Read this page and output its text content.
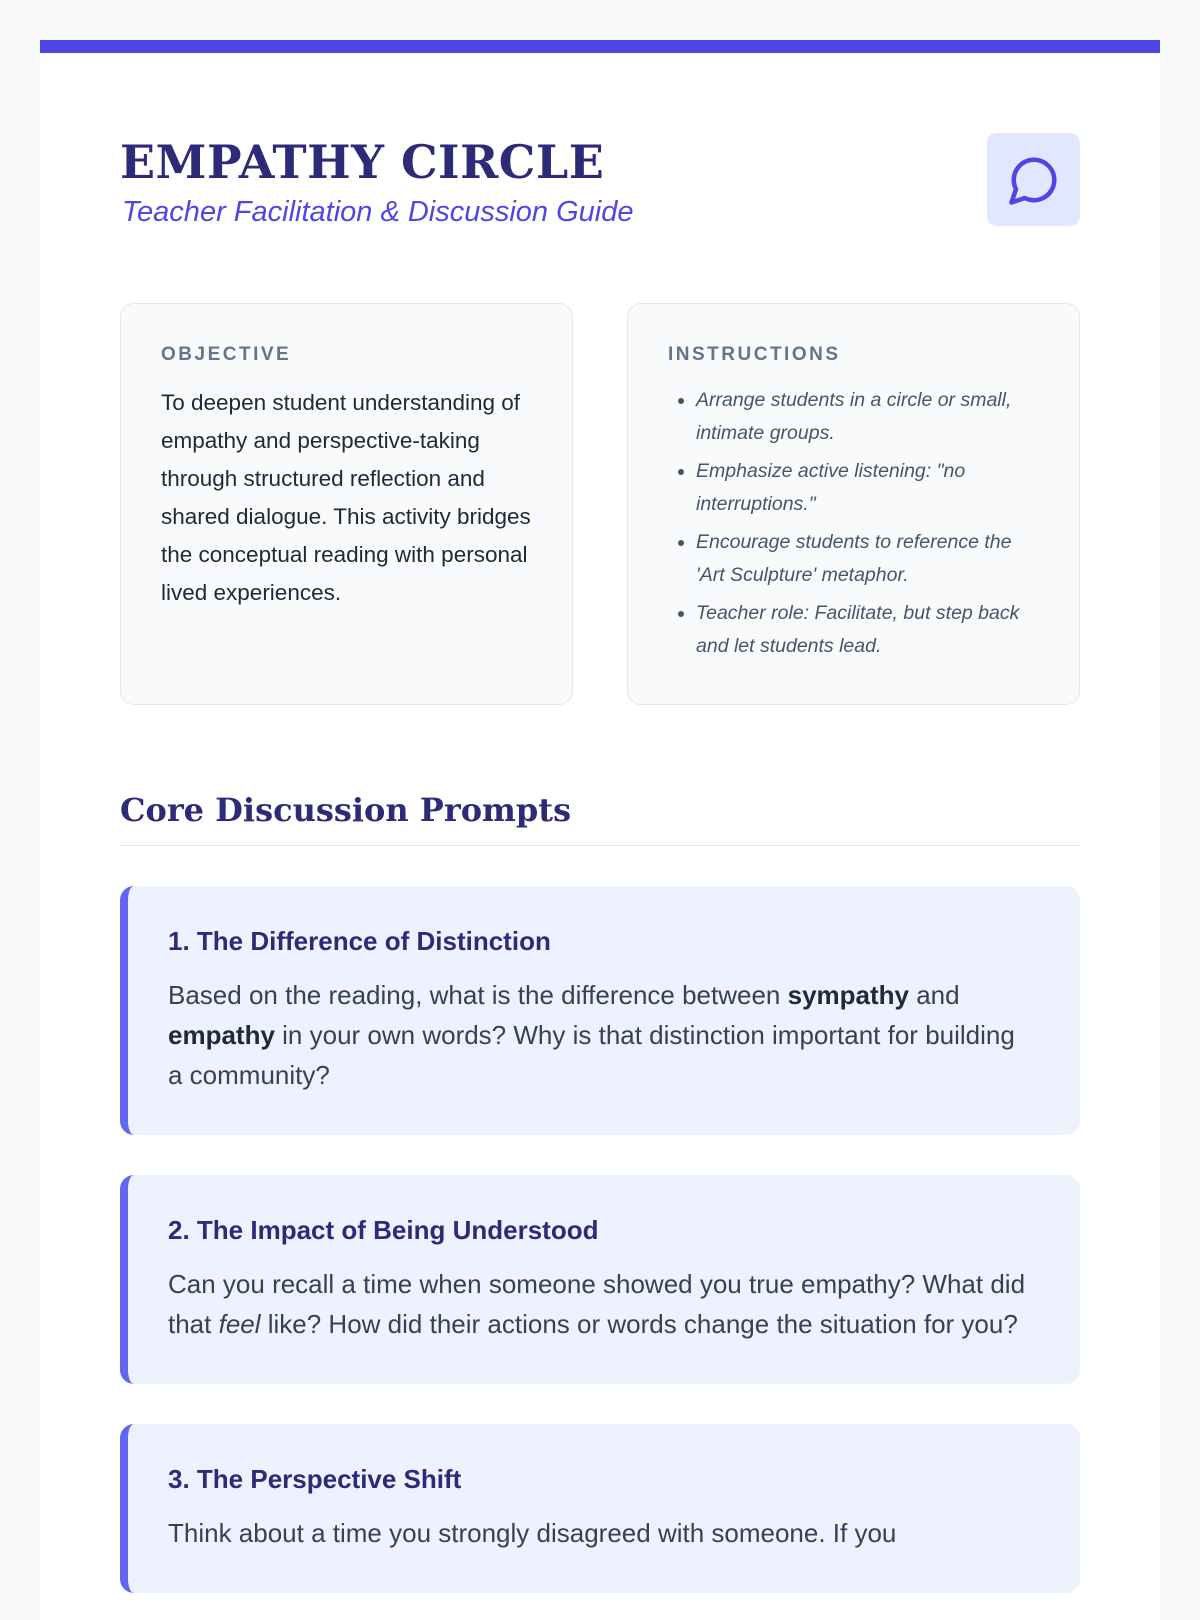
EMPATHY CIRCLE
Teacher Facilitation & Discussion Guide
OBJECTIVE

To deepen student understanding of empathy and perspective-taking through structured reflection and shared dialogue. This activity bridges the conceptual reading with personal lived experiences.

INSTRUCTIONS
• Arrange students in a circle or small, intimate groups.
• Emphasize active listening: "no interruptions."
• Encourage students to reference the 'Art Sculpture' metaphor.
• Teacher role: Facilitate, but step back and let students lead.
Core Discussion Prompts
1. The Difference of Distinction

Based on the reading, what is the difference between sympathy and empathy in your own words? Why is that distinction important for building a community?

2. The Impact of Being Understood

Can you recall a time when someone showed you true empathy? What did that feel like? How did their actions or words change the situation for you?

3. The Perspective Shift

Think about a time you strongly disagreed with someone. If you
